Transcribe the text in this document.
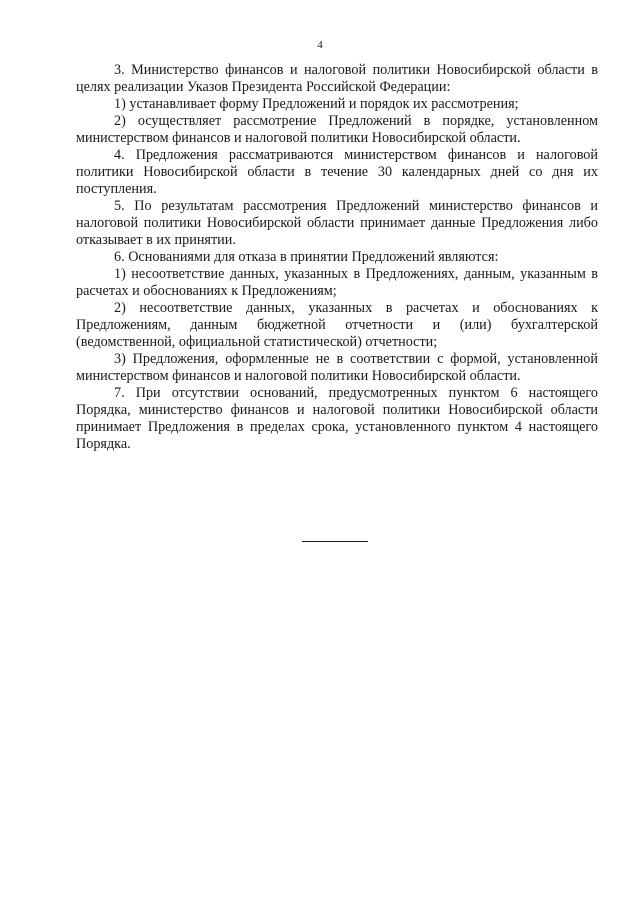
4

3. Министерство финансов и налоговой политики Новосибирской области в целях реализации Указов Президента Российской Федерации:

1) устанавливает форму Предложений и порядок их рассмотрения;

2) осуществляет рассмотрение Предложений в порядке, установленном министерством финансов и налоговой политики Новосибирской области.

4. Предложения рассматриваются министерством финансов и налоговой политики Новосибирской области в течение 30 календарных дней со дня их поступления.

5. По результатам рассмотрения Предложений министерство финансов и налоговой политики Новосибирской области принимает данные Предложения либо отказывает в их принятии.

6. Основаниями для отказа в принятии Предложений являются:

1) несоответствие данных, указанных в Предложениях, данным, указанным в расчетах и обоснованиях к Предложениям;

2) несоответствие данных, указанных в расчетах и обоснованиях к Предложениям, данным бюджетной отчетности и (или) бухгалтерской (ведомственной, официальной статистической) отчетности;

3) Предложения, оформленные не в соответствии с формой, установленной министерством финансов и налоговой политики Новосибирской области.

7. При отсутствии оснований, предусмотренных пунктом 6 настоящего Порядка, министерство финансов и налоговой политики Новосибирской области принимает Предложения в пределах срока, установленного пунктом 4 настоящего Порядка.
